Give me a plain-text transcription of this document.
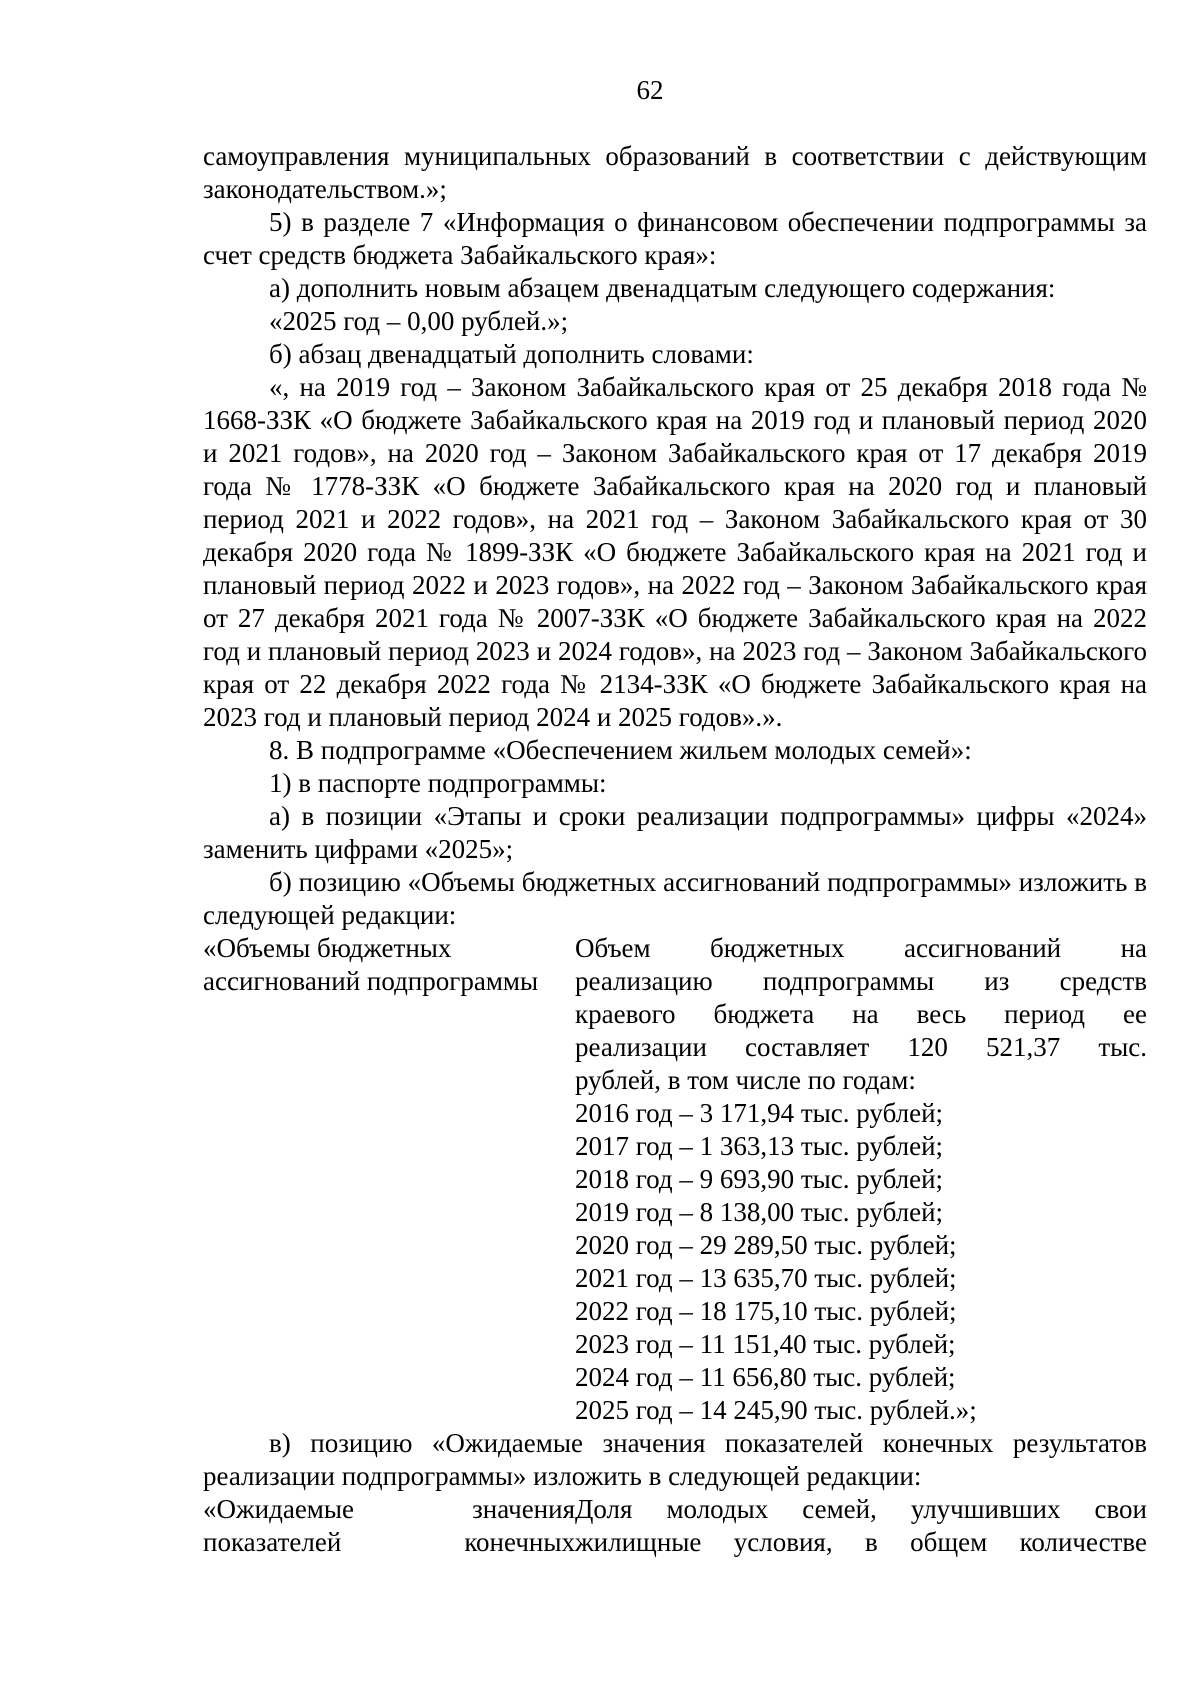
62

самоуправления муниципальных образований в соответствии с действующим законодательством.»;

5) в разделе 7 «Информация о финансовом обеспечении подпрограммы за счет средств бюджета Забайкальского края»:

а) дополнить новым абзацем двенадцатым следующего содержания:

«2025 год – 0,00 рублей.»;

б) абзац двенадцатый дополнить словами:

«, на 2019 год – Законом Забайкальского края от 25 декабря 2018 года № 1668-ЗЗК «О бюджете Забайкальского края на 2019 год и плановый период 2020 и 2021 годов», на 2020 год – Законом Забайкальского края от 17 декабря 2019 года № 1778-ЗЗК «О бюджете Забайкальского края на 2020 год и плановый период 2021 и 2022 годов», на 2021 год – Законом Забайкальского края от 30 декабря 2020 года № 1899-ЗЗК «О бюджете Забайкальского края на 2021 год и плановый период 2022 и 2023 годов», на 2022 год – Законом Забайкальского края от 27 декабря 2021 года № 2007-ЗЗК «О бюджете Забайкальского края на 2022 год и плановый период 2023 и 2024 годов», на 2023 год – Законом Забайкальского края от 22 декабря 2022 года № 2134-ЗЗК «О бюджете Забайкальского края на 2023 год и плановый период 2024 и 2025 годов».».

8. В подпрограмме «Обеспечением жильем молодых семей»:

1) в паспорте подпрограммы:

а) в позиции «Этапы и сроки реализации подпрограммы» цифры «2024» заменить цифрами «2025»;

б) позицию «Объемы бюджетных ассигнований подпрограммы» изложить в следующей редакции:

«Объемы бюджетных
ассигнований подпрограммы
Объем бюджетных ассигнований на
реализацию подпрограммы из средств
краевого бюджета на весь период ее
реализации составляет 120 521,37 тыс.
рублей, в том числе по годам:
2016 год – 3 171,94 тыс. рублей;
2017 год – 1 363,13 тыс. рублей;
2018 год – 9 693,90 тыс. рублей;
2019 год – 8 138,00 тыс. рублей;
2020 год – 29 289,50 тыс. рублей;
2021 год – 13 635,70 тыс. рублей;
2022 год – 18 175,10 тыс. рублей;
2023 год – 11 151,40 тыс. рублей;
2024 год – 11 656,80 тыс. рублей;
2025 год – 14 245,90 тыс. рублей.»;

в) позицию «Ожидаемые значения показателей конечных результатов реализации подпрограммы» изложить в следующей редакции:

«Ожидаемые значения
показателей конечных
Доля молодых семей, улучшивших свои
жилищные условия, в общем количестве
